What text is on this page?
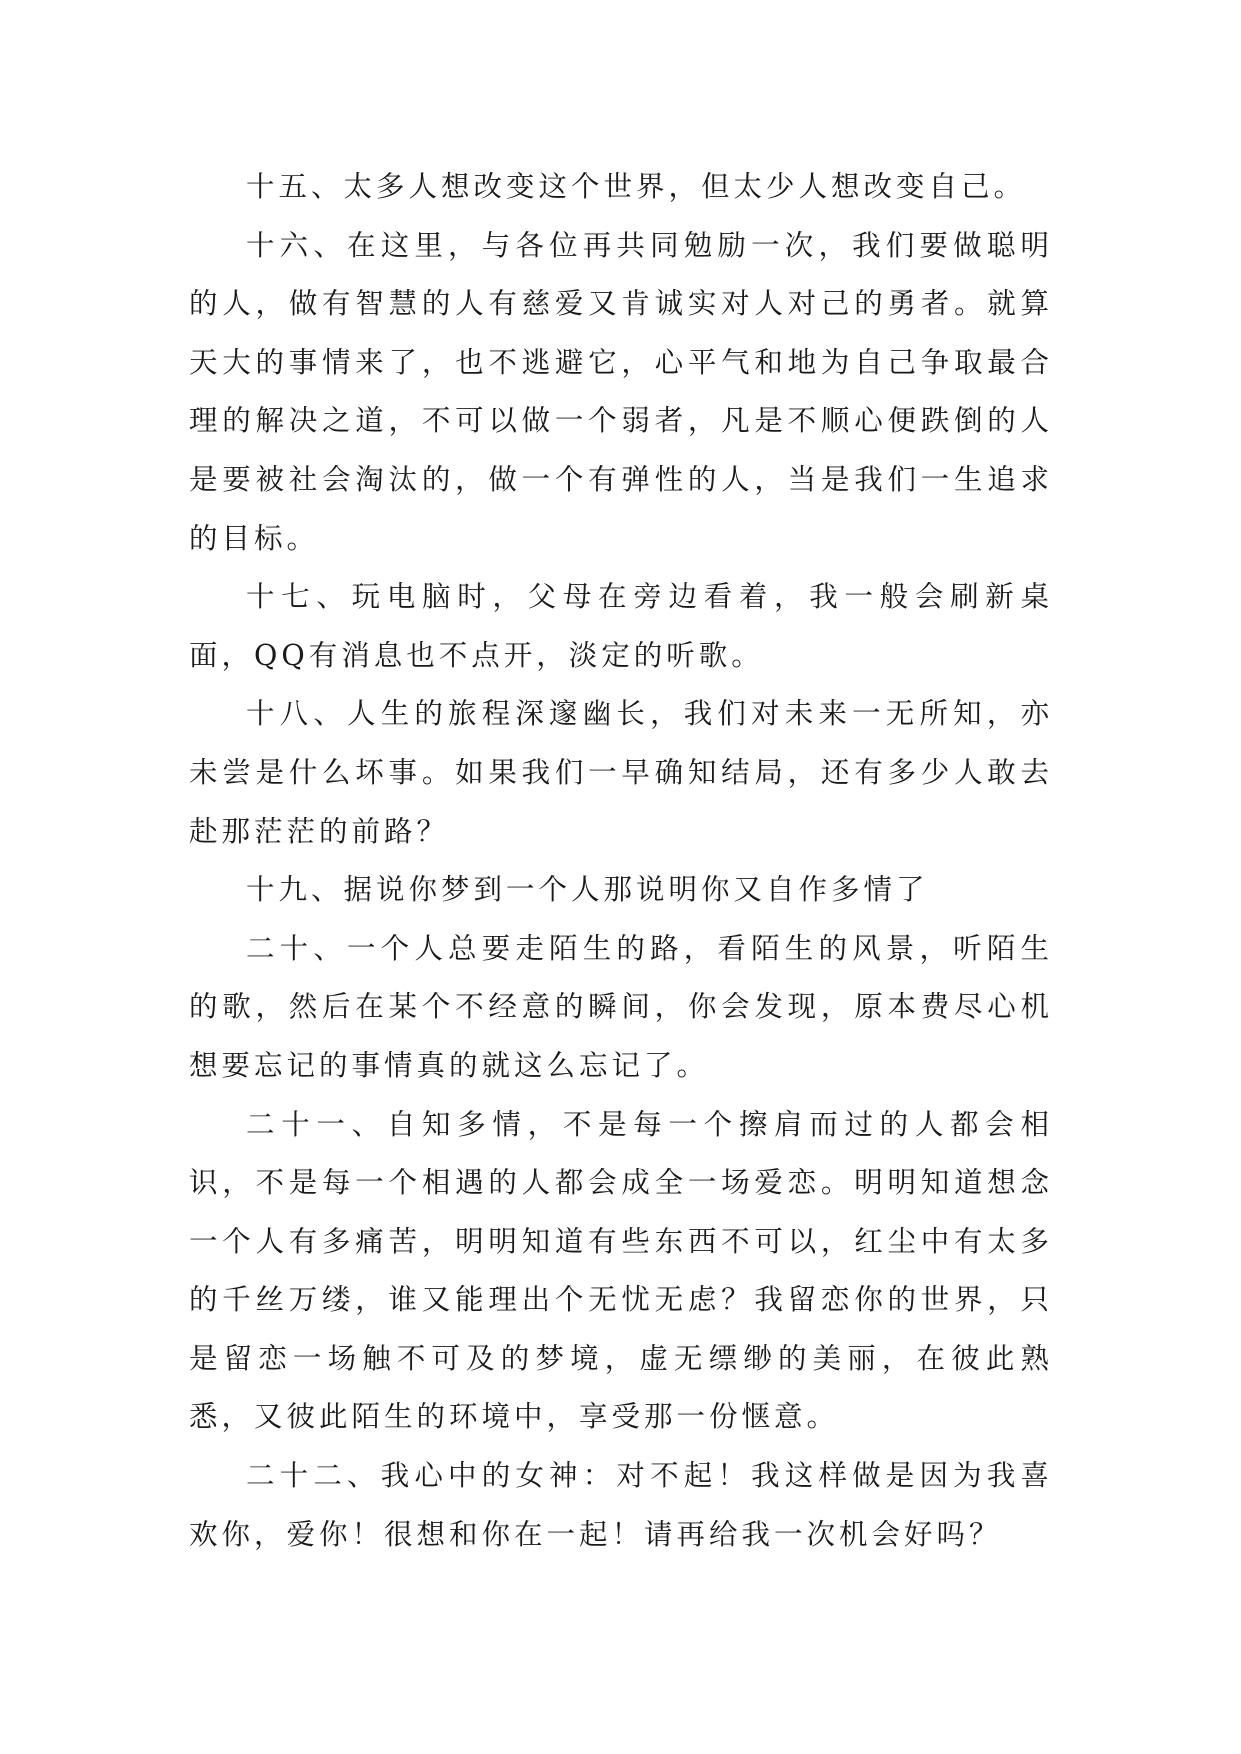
十五、太多人想改变这个世界，但太少人想改变自己。

十六、在这里，与各位再共同勉励一次，我们要做聪明的人，做有智慧的人有慈爱又肯诚实对人对己的勇者。就算天大的事情来了，也不逃避它，心平气和地为自己争取最合理的解决之道，不可以做一个弱者，凡是不顺心便跌倒的人是要被社会淘汰的，做一个有弹性的人，当是我们一生追求的目标。

十七、玩电脑时，父母在旁边看着，我一般会刷新桌面，QQ有消息也不点开，淡定的听歌。

十八、人生的旅程深邃幽长，我们对未来一无所知，亦未尝是什么坏事。如果我们一早确知结局，还有多少人敢去赴那茫茫的前路？

十九、据说你梦到一个人那说明你又自作多情了

二十、一个人总要走陌生的路，看陌生的风景，听陌生的歌，然后在某个不经意的瞬间，你会发现，原本费尽心机想要忘记的事情真的就这么忘记了。

二十一、自知多情，不是每一个擦肩而过的人都会相识，不是每一个相遇的人都会成全一场爱恋。明明知道想念一个人有多痛苦，明明知道有些东西不可以，红尘中有太多的千丝万缕，谁又能理出个无忧无虑？我留恋你的世界，只是留恋一场触不可及的梦境，虚无缥缈的美丽，在彼此熟悉，又彼此陌生的环境中，享受那一份惬意。

二十二、我心中的女神：对不起！我这样做是因为我喜欢你，爱你！很想和你在一起！请再给我一次机会好吗？
